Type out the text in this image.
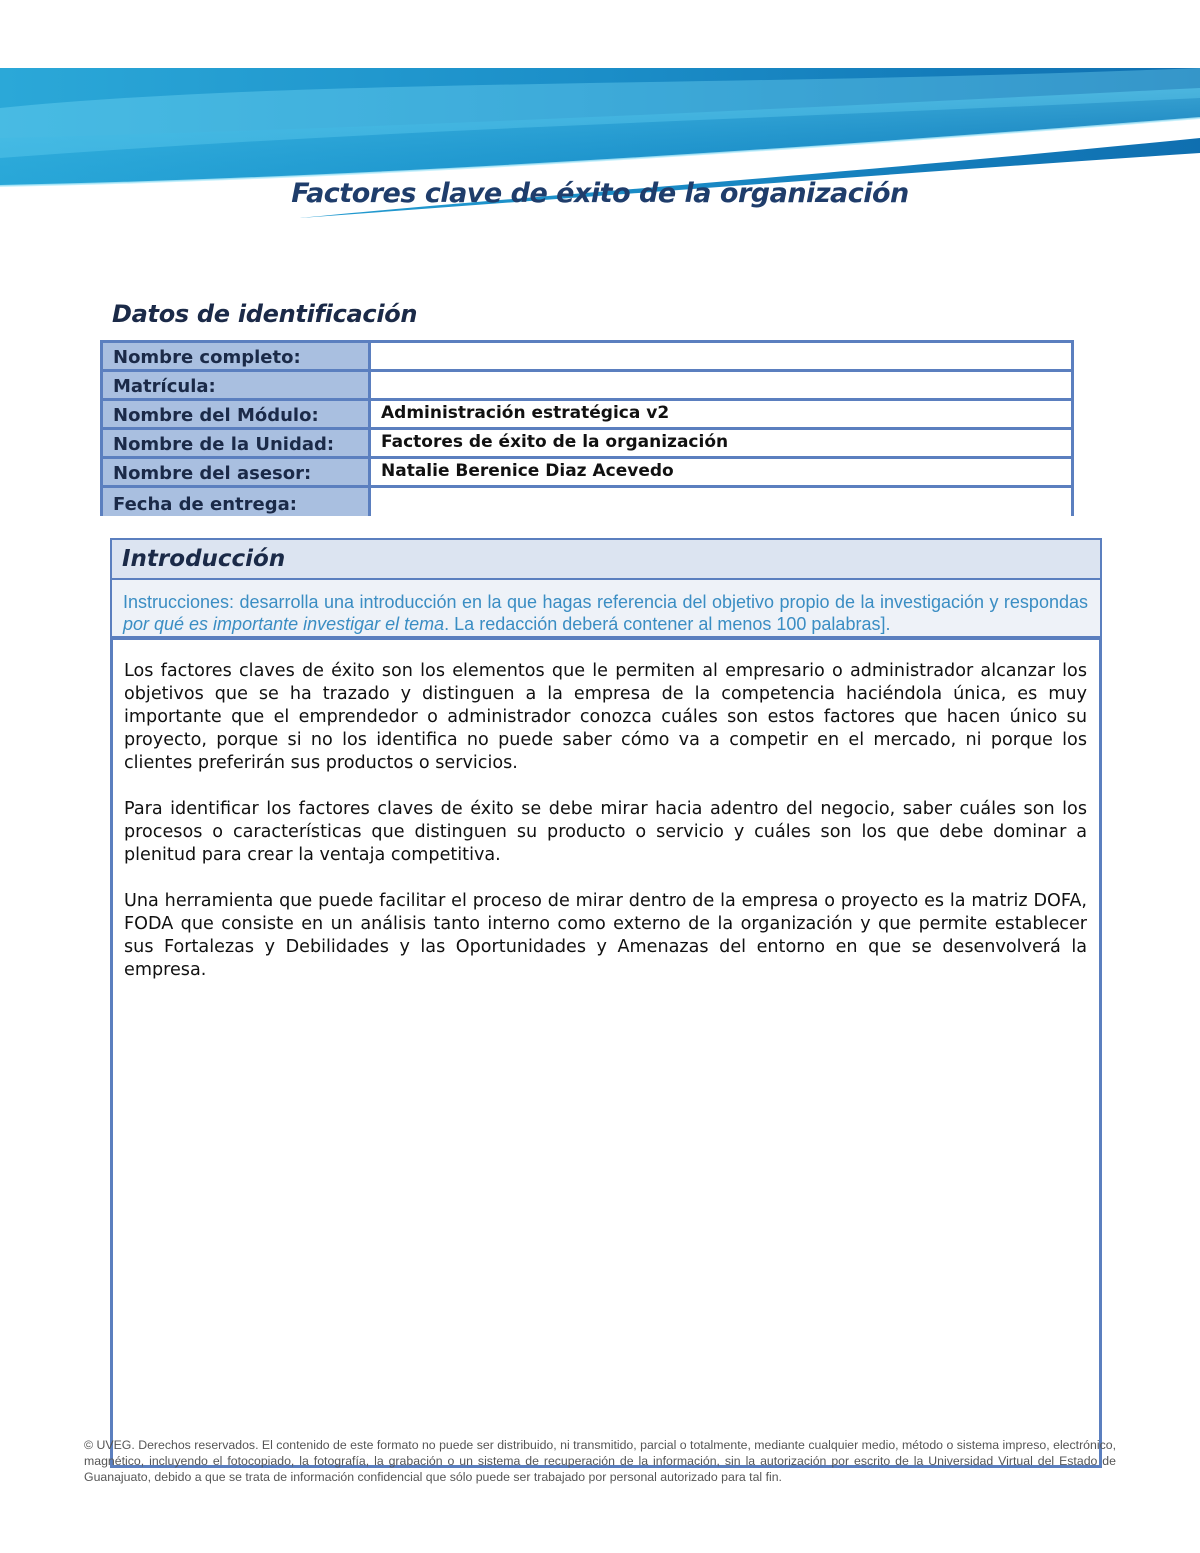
Factores clave de éxito de la organización
Datos de identificación
Nombre completo:	
Matrícula:	
Nombre del Módulo:	Administración estratégica v2
Nombre de la Unidad:	Factores de éxito de la organización
Nombre del asesor:	Natalie Berenice Diaz Acevedo
Fecha de entrega:	
Introducción
Instrucciones: desarrolla una introducción en la que hagas referencia del objetivo propio de la investigación y respondas por qué es importante investigar el tema. La redacción deberá contener al menos 100 palabras].

Los factores claves de éxito son los elementos que le permiten al empresario o administrador alcanzar los objetivos que se ha trazado y distinguen a la empresa de la competencia haciéndola única, es muy importante que el emprendedor o administrador conozca cuáles son estos factores que hacen único su proyecto, porque si no los identifica no puede saber cómo va a competir en el mercado, ni porque los clientes preferirán sus productos o servicios.

Para identificar los factores claves de éxito se debe mirar hacia adentro del negocio, saber cuáles son los procesos o características que distinguen su producto o servicio y cuáles son los que debe dominar a plenitud para crear la ventaja competitiva.

Una herramienta que puede facilitar el proceso de mirar dentro de la empresa o proyecto es la matriz DOFA, FODA que consiste en un análisis tanto interno como externo de la organización y que permite establecer sus Fortalezas y Debilidades y las Oportunidades y Amenazas del entorno en que se desenvolverá la empresa.

© UVEG. Derechos reservados. El contenido de este formato no puede ser distribuido, ni transmitido, parcial o totalmente, mediante cualquier medio, método o sistema impreso, electrónico, magnético, incluyendo el fotocopiado, la fotografía, la grabación o un sistema de recuperación de la información, sin la autorización por escrito de la Universidad Virtual del Estado de Guanajuato, debido a que se trata de información confidencial que sólo puede ser trabajado por personal autorizado para tal fin.
